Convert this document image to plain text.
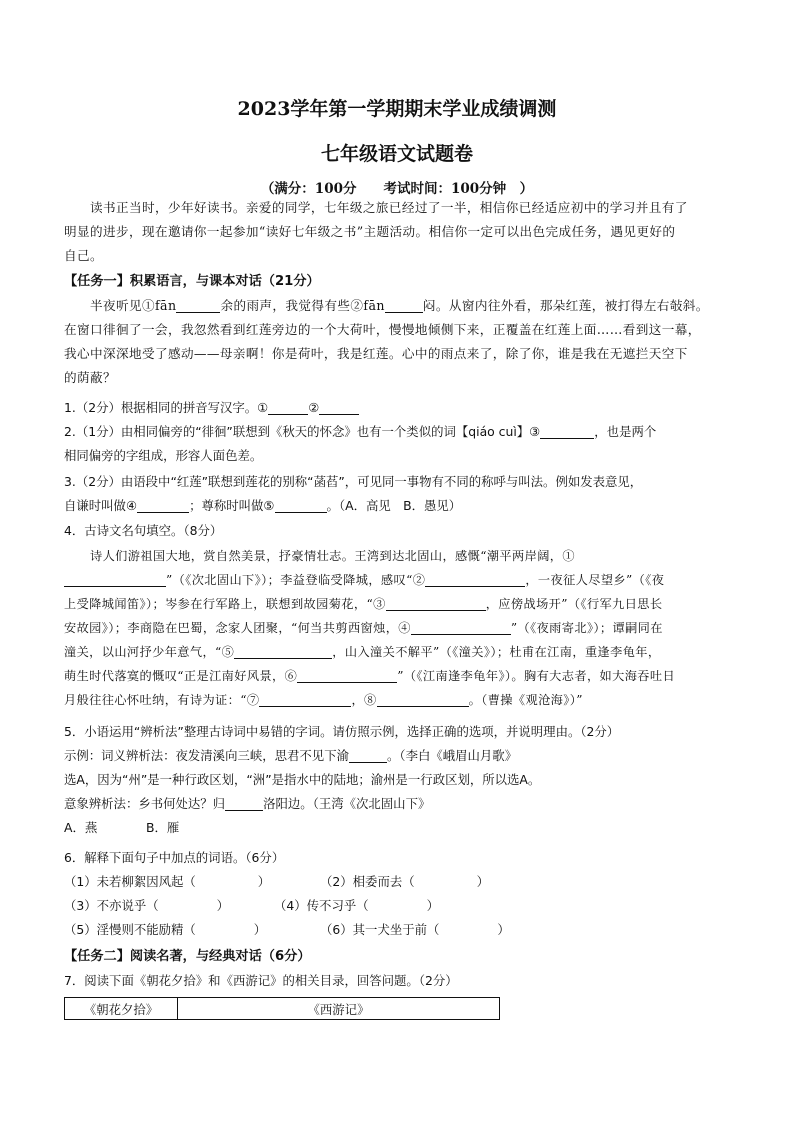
2023学年第一学期期末学业成绩调测
七年级语文试题卷
（满分：100分　　考试时间：100分钟　）
读书正当时，少年好读书。亲爱的同学，七年级之旅已经过了一半，相信你已经适应初中的学习并且有了
明显的进步，现在邀请你一起参加“读好七年级之书”主题活动。相信你一定可以出色完成任务，遇见更好的
自己。
【任务一】积累语言，与课本对话（21分）
半夜听见①fān	余的雨声，我觉得有些②fān	闷。从窗内往外看，那朵红莲，被打得左右敧斜。
在窗口徘徊了一会，我忽然看到红莲旁边的一个大荷叶，慢慢地倾侧下来，正覆盖在红莲上面……看到这一幕，
我心中深深地受了感动——母亲啊！你是荷叶，我是红莲。心中的雨点来了，除了你，谁是我在无遮拦天空下
的荫蔽？
1.（2分）根据相同的拼音写汉字。①	②
2.（1分）由相同偏旁的“徘徊”联想到《秋天的怀念》也有一个类似的词【qiáo cuì】③	，也是两个
相同偏旁的字组成，形容人面色差。
3.（2分）由语段中“红莲”联想到莲花的别称“菡萏”，可见同一事物有不同的称呼与叫法。例如发表意见，
自谦时叫做④	；尊称时叫做⑤	。（A．高见　B．愚见）
4．古诗文名句填空。（8分）
诗人们游祖国大地，赏自然美景，抒豪情壮志。王湾到达北固山，感慨“潮平两岸阔，①
”（《次北固山下》）；李益登临受降城，感叹“②	，一夜征人尽望乡”（《夜
上受降城闻笛》）；岑参在行军路上，联想到故园菊花，“③	，应傍战场开”（《行军九日思长
安故园》）；李商隐在巴蜀，念家人团聚，“何当共剪西窗烛，④	”（《夜雨寄北》）；谭嗣同在
潼关，以山河抒少年意气，“⑤	，山入潼关不解平”（《潼关》）；杜甫在江南，重逢李龟年，
萌生时代落寞的慨叹“正是江南好风景，⑥	”（《江南逢李龟年》）。胸有大志者，如大海吞吐日
月般往往心怀吐纳，有诗为证：“⑦	，⑧	。（曹操《观沧海》）”
5．小语运用“辨析法”整理古诗词中易错的字词。请仿照示例，选择正确的选项，并说明理由。（2分）
示例：词义辨析法：夜发清溪向三峡，思君不见下渝	。（李白《峨眉山月歌》
选A，因为“州”是一种行政区划，“洲”是指水中的陆地；渝州是一行政区划，所以选A。
意象辨析法：乡书何处达？归	洛阳边。（王湾《次北固山下》
A．燕	B．雁
6．解释下面句子中加点的词语。（6分）
（1）未若柳絮因风起（	）	（2）相委而去（	）
（3）不亦说乎（	）	（4）传不习乎（	）
（5）淫慢则不能励精（	）	（6）其一犬坐于前（	）
【任务二】阅读名著，与经典对话（6分）
7．阅读下面《朝花夕拾》和《西游记》的相关目录，回答问题。（2分）
《朝花夕拾》	《西游记》
